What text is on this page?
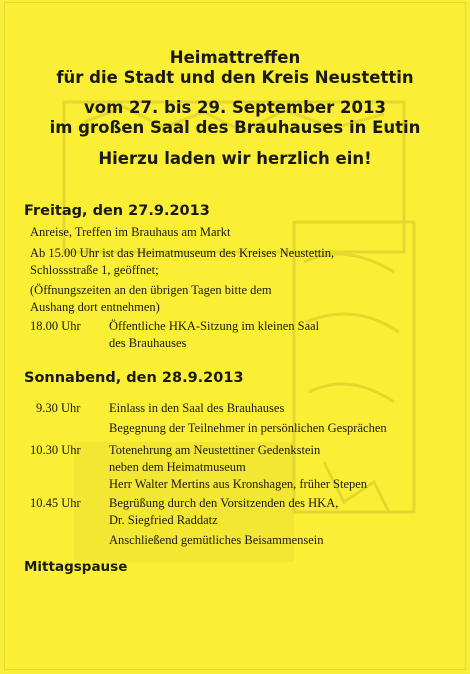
Heimattreffen
für die Stadt und den Kreis Neustettin
vom 27. bis 29. September 2013
im großen Saal des Brauhauses in Eutin
Hierzu laden wir herzlich ein!
Freitag, den 27.9.2013
Anreise, Treffen im Brauhaus am Markt
Ab 15.00 Uhr ist das Heimatmuseum des Kreises Neustettin,
Schlossstraße 1, geöffnet;
(Öffnungszeiten an den übrigen Tagen bitte dem
Aushang dort entnehmen)
18.00 Uhr Öffentliche HKA-Sitzung im kleinen Saal
des Brauhauses
Sonnabend, den 28.9.2013
9.30 Uhr Einlass in den Saal des Brauhauses
Begegnung der Teilnehmer in persönlichen Gesprächen
10.30 Uhr Totenehrung am Neustettiner Gedenkstein
neben dem Heimatmuseum
Herr Walter Mertins aus Kronshagen, früher Stepen
10.45 Uhr Begrüßung durch den Vorsitzenden des HKA,
Dr. Siegfried Raddatz
Anschließend gemütliches Beisammensein
Mittagspause
